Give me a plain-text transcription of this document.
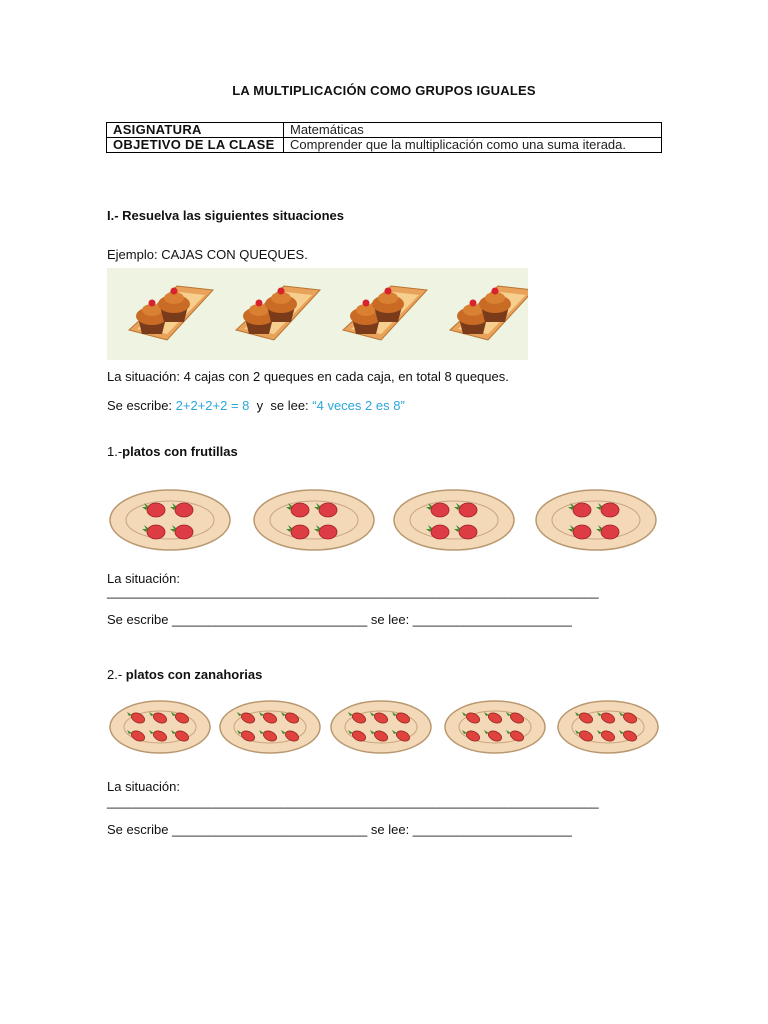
LA MULTIPLICACIÓN COMO GRUPOS IGUALES
ASIGNATURA	Matemáticas
OBJETIVO DE LA CLASE	Comprender que la multiplicación como una suma iterada.
I.- Resuelva las siguientes situaciones
Ejemplo: CAJAS CON QUEQUES.
La situación: 4 cajas con 2 queques en cada caja, en total 8 queques.
Se escribe: 2+2+2+2 = 8  y  se lee: “4 veces 2 es 8”
1.-platos con frutillas
La situación:
____________________________________________________________________
Se escribe ___________________________ se lee: ______________________
2.- platos con zanahorias
La situación:
____________________________________________________________________
Se escribe ___________________________ se lee: ______________________
